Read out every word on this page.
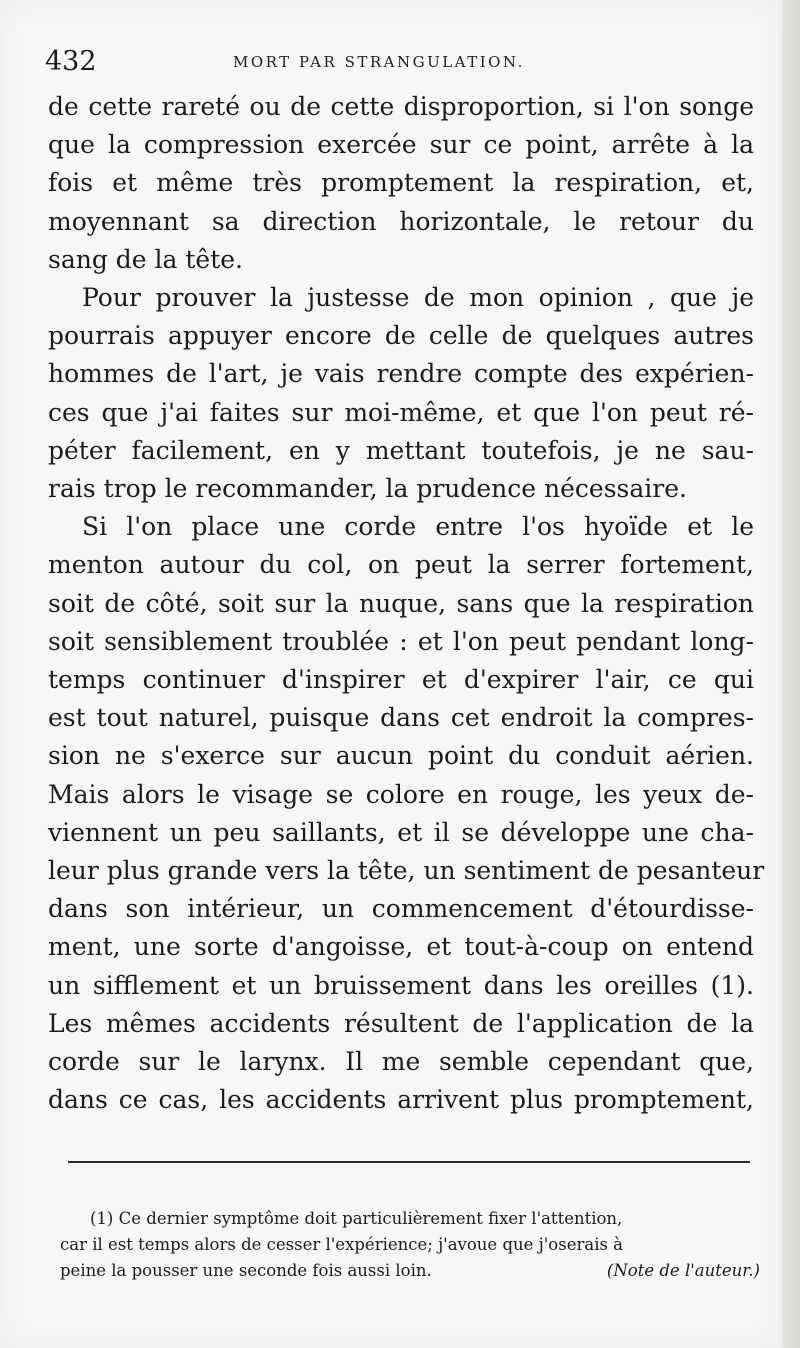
432	MORT PAR STRANGULATION.
de cette rareté ou de cette disproportion, si l'on songe
que la compression exercée sur ce point, arrête à la
fois et même très promptement la respiration, et,
moyennant sa direction horizontale, le retour du
sang de la tête.
Pour prouver la justesse de mon opinion , que je
pourrais appuyer encore de celle de quelques autres
hommes de l'art, je vais rendre compte des expérien-
ces que j'ai faites sur moi-même, et que l'on peut ré-
péter facilement, en y mettant toutefois, je ne sau-
rais trop le recommander, la prudence nécessaire.
Si l'on place une corde entre l'os hyoïde et le
menton autour du col, on peut la serrer fortement,
soit de côté, soit sur la nuque, sans que la respiration
soit sensiblement troublée : et l'on peut pendant long-
temps continuer d'inspirer et d'expirer l'air, ce qui
est tout naturel, puisque dans cet endroit la compres-
sion ne s'exerce sur aucun point du conduit aérien.
Mais alors le visage se colore en rouge, les yeux de-
viennent un peu saillants, et il se développe une cha-
leur plus grande vers la tête, un sentiment de pesanteur
dans son intérieur, un commencement d'étourdisse-
ment, une sorte d'angoisse, et tout-à-coup on entend
un sifflement et un bruissement dans les oreilles (1).
Les mêmes accidents résultent de l'application de la
corde sur le larynx. Il me semble cependant que,
dans ce cas, les accidents arrivent plus promptement,
(1) Ce dernier symptôme doit particulièrement fixer l'attention,
car il est temps alors de cesser l'expérience; j'avoue que j'oserais à
peine la pousser une seconde fois aussi loin.	(Note de l'auteur.)
